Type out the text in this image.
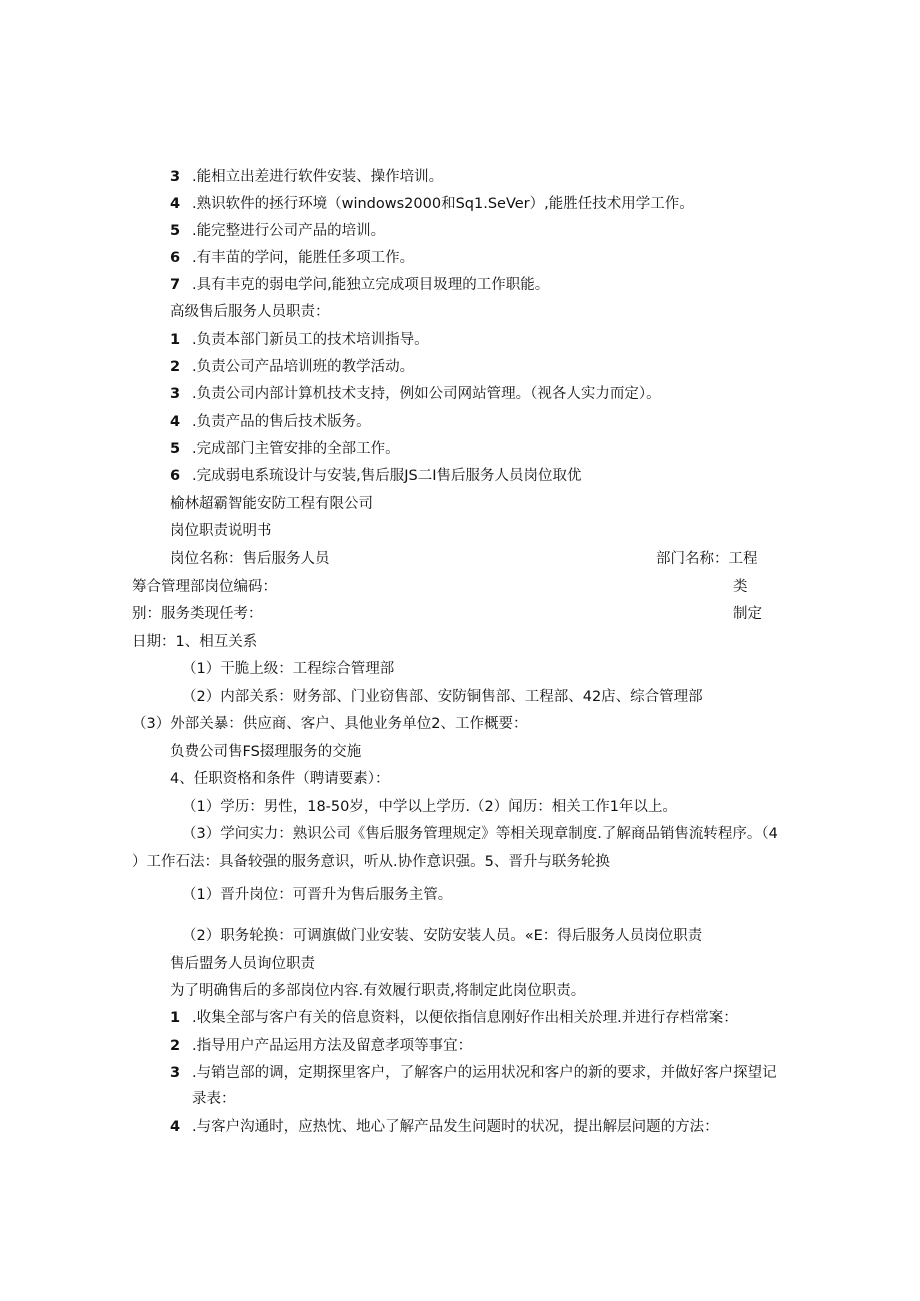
3 .能相立出差进行软件安装、操作培训。
4 .熟识软件的拯行环境（windows2000和Sq1.SeVer）,能胜任技术用学工作。
5 .能完整进行公司产品的培训。
6 .有丰苗的学问，能胜任多项工作。
7 .具有丰克的弱电学问,能独立完成项目圾理的工作职能。
高级售后服务人员职责：
1 .负责本部门新员工的技术培训指导。
2 .负责公司产品培训班的教学活动。
3 .负责公司内部计算机技术支持，例如公司网站管理。（视各人实力而定）。
4 .负责产品的售后技术版务。
5 .完成部门主管安排的全部工作。
6 .完成弱电系琉设计与安装,售后服JS二I售后服务人员岗位取优
榆林超霸智能安防工程有限公司
岗位职责说明书
岗位名称：售后服务人员	部门名称：工程
筹合管理部岗位编码：	类
别：服务类现任考：	制定
日期：1、相互关系
（1）干脆上级：工程综合管理部
（2）内部关系：财务部、门业窃售部、安防铜售部、工程部、42店、综合管理部
（3）外部关暴：供应商、客户、具他业务单位2、工作概要：
负费公司售FS掇理服务的交施
4、任职资格和条件（聘请要素）：
（1）学历：男性，18-50岁，中学以上学历.（2）闻历：相关工作1年以上。
（3）学问实力：熟识公司《售后服务管理规定》等相关现章制度.了解商品销售流转程序。（4
）工作石法：具备较强的服务意识，听从.协作意识强。5、晋升与联务轮换
（1）晋升岗位：可晋升为售后服务主管。
（2）职务轮换：可调旗做门业安装、安防安装人员。«E：得后服务人员岗位职责
售后盟务人员询位职责
为了明确售后的多部岗位内容.有效履行职责,将制定此岗位职责。
1 .收集全部与客户有关的倍息资料，以便依指信息刚好作出相关於理.并进行存档常案：
2 .指导用户产品运用方法及留意孝项等事宜：
3 .与销岂部的调，定期探里客户，了解客户的运用状况和客户的新的要求，并做好客户探望记
录表：
4 .与客户沟通时，应热忱、地心了解产品发生问题时的状况，提出解层问题的方法：
